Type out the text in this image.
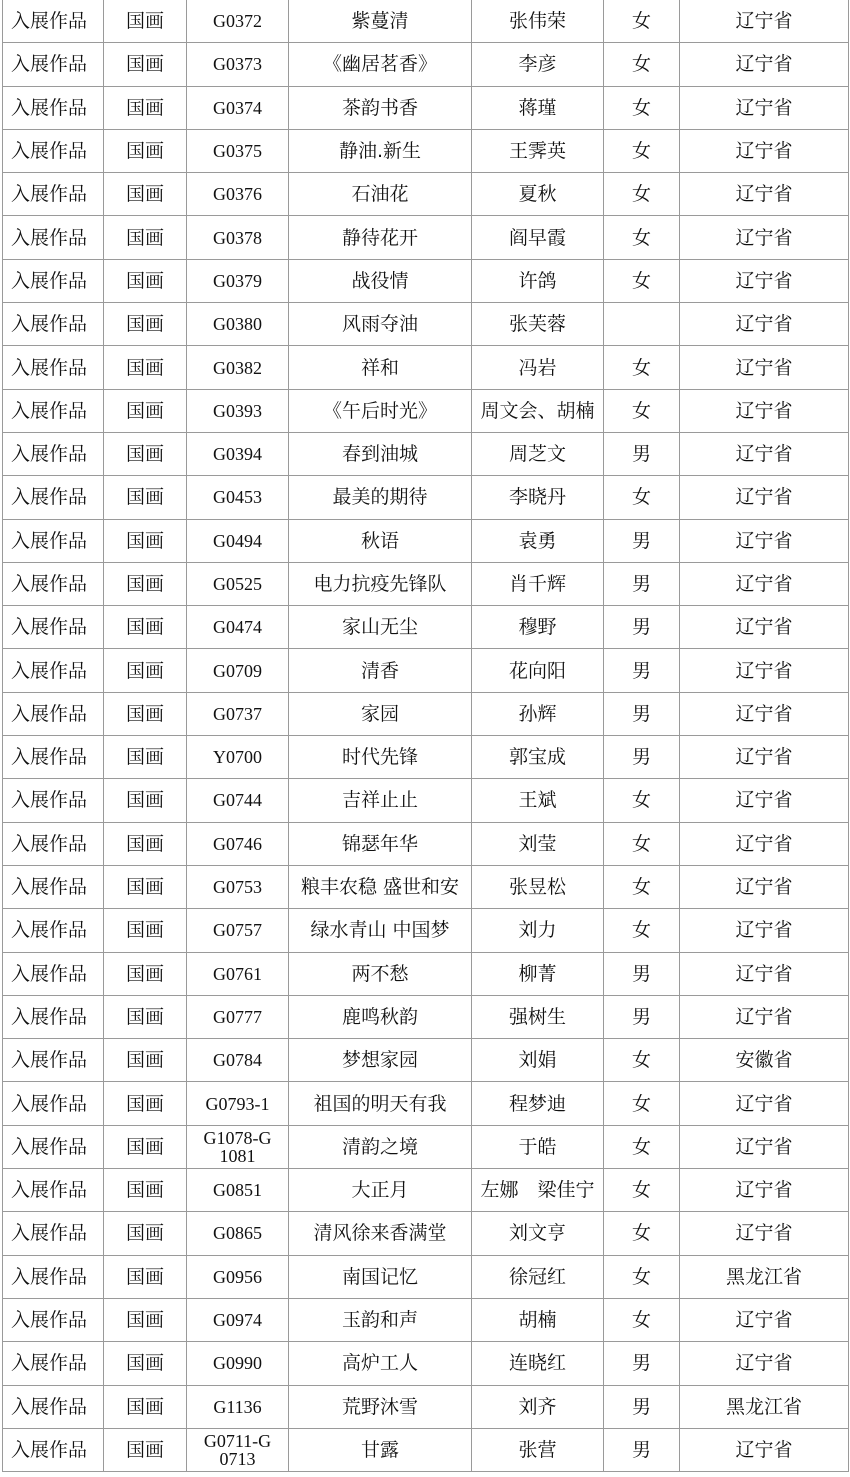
入展作品	国画	G0372	紫蔓清	张伟荣	女	辽宁省
入展作品	国画	G0373	《幽居茗香》	李彦	女	辽宁省
入展作品	国画	G0374	茶韵书香	蒋瑾	女	辽宁省
入展作品	国画	G0375	静油.新生	王霁英	女	辽宁省
入展作品	国画	G0376	石油花	夏秋	女	辽宁省
入展作品	国画	G0378	静待花开	阎早霞	女	辽宁省
入展作品	国画	G0379	战役情	许鸽	女	辽宁省
入展作品	国画	G0380	风雨夺油	张芙蓉		辽宁省
入展作品	国画	G0382	祥和	冯岩	女	辽宁省
入展作品	国画	G0393	《午后时光》	周文会、胡楠	女	辽宁省
入展作品	国画	G0394	春到油城	周芝文	男	辽宁省
入展作品	国画	G0453	最美的期待	李晓丹	女	辽宁省
入展作品	国画	G0494	秋语	袁勇	男	辽宁省
入展作品	国画	G0525	电力抗疫先锋队	肖千辉	男	辽宁省
入展作品	国画	G0474	家山无尘	穆野	男	辽宁省
入展作品	国画	G0709	清香	花向阳	男	辽宁省
入展作品	国画	G0737	家园	孙辉	男	辽宁省
入展作品	国画	Y0700	时代先锋	郭宝成	男	辽宁省
入展作品	国画	G0744	吉祥止止	王斌	女	辽宁省
入展作品	国画	G0746	锦瑟年华	刘莹	女	辽宁省
入展作品	国画	G0753	粮丰农稳 盛世和安	张昱松	女	辽宁省
入展作品	国画	G0757	绿水青山 中国梦	刘力	女	辽宁省
入展作品	国画	G0761	两不愁	柳菁	男	辽宁省
入展作品	国画	G0777	鹿鸣秋韵	强树生	男	辽宁省
入展作品	国画	G0784	梦想家园	刘娟	女	安徽省
入展作品	国画	G0793-1	祖国的明天有我	程梦迪	女	辽宁省
入展作品	国画	G1078-G1081	清韵之境	于皓	女	辽宁省
入展作品	国画	G0851	大正月	左娜　梁佳宁	女	辽宁省
入展作品	国画	G0865	清风徐来香满堂	刘文亨	女	辽宁省
入展作品	国画	G0956	南国记忆	徐冠红	女	黑龙江省
入展作品	国画	G0974	玉韵和声	胡楠	女	辽宁省
入展作品	国画	G0990	高炉工人	连晓红	男	辽宁省
入展作品	国画	G1136	荒野沐雪	刘齐	男	黑龙江省
入展作品	国画	G0711-G0713	甘露	张营	男	辽宁省
